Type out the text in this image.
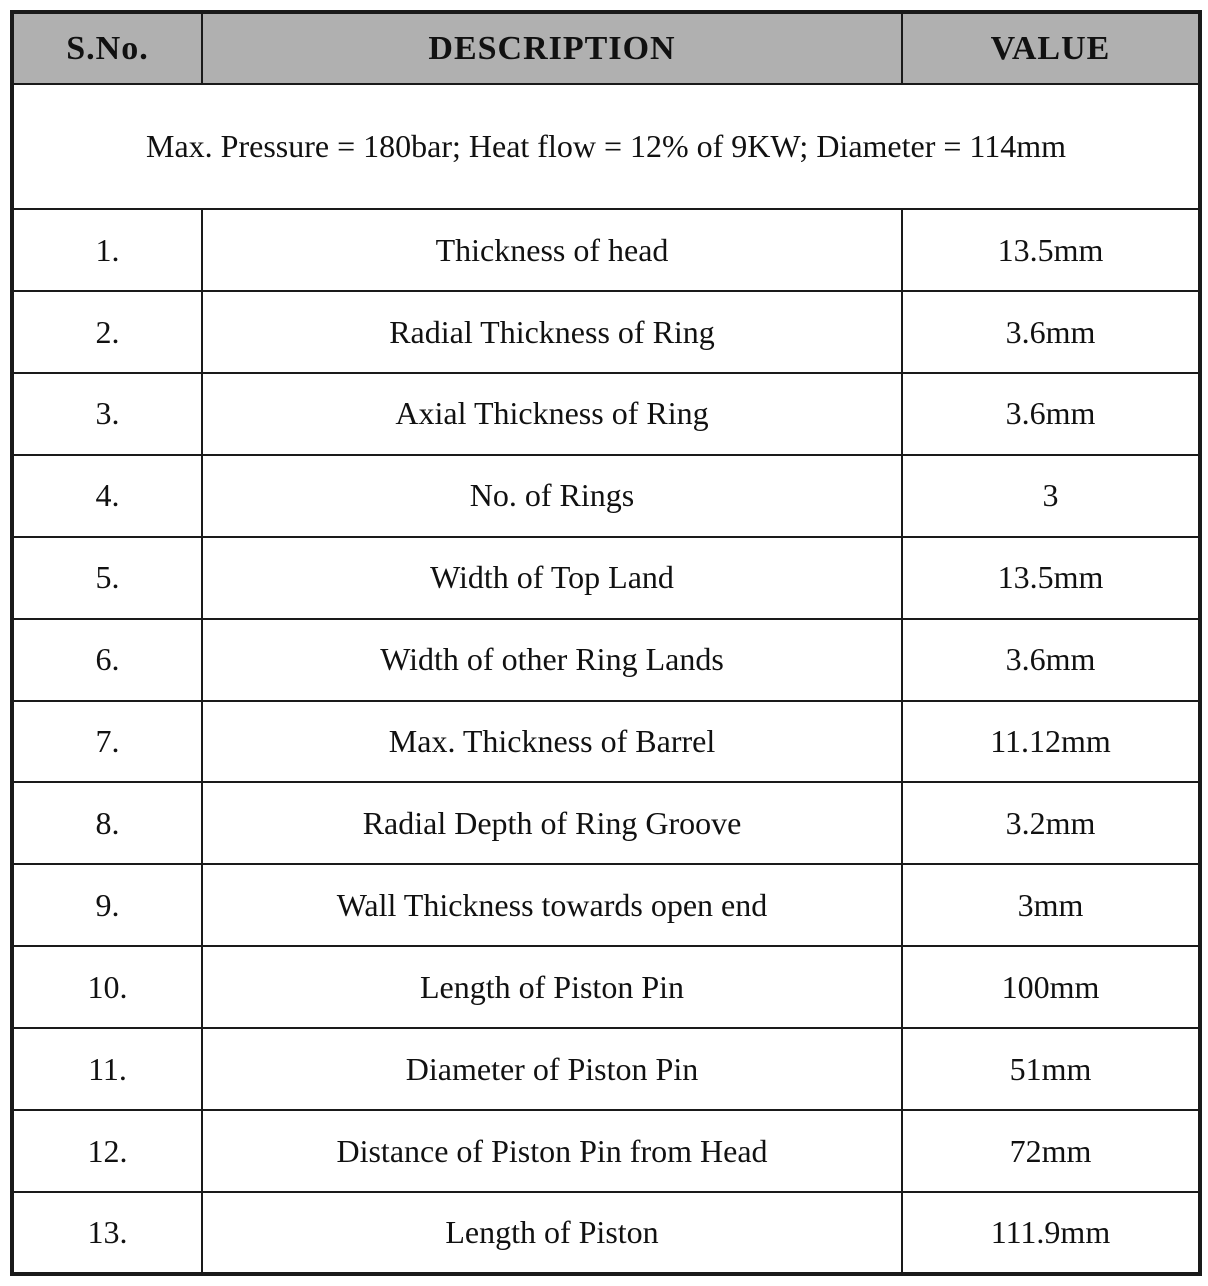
S.No.	DESCRIPTION	VALUE
Max. Pressure = 180bar; Heat flow = 12% of 9KW; Diameter = 114mm		
1.	Thickness of head	13.5mm
2.	Radial Thickness of Ring	3.6mm
3.	Axial Thickness of Ring	3.6mm
4.	No. of Rings	3
5.	Width of Top Land	13.5mm
6.	Width of other Ring Lands	3.6mm
7.	Max. Thickness of Barrel	11.12mm
8.	Radial Depth of Ring Groove	3.2mm
9.	Wall Thickness towards open end	3mm
10.	Length of Piston Pin	100mm
11.	Diameter of Piston Pin	51mm
12.	Distance of Piston Pin from Head	72mm
13.	Length of Piston	111.9mm
